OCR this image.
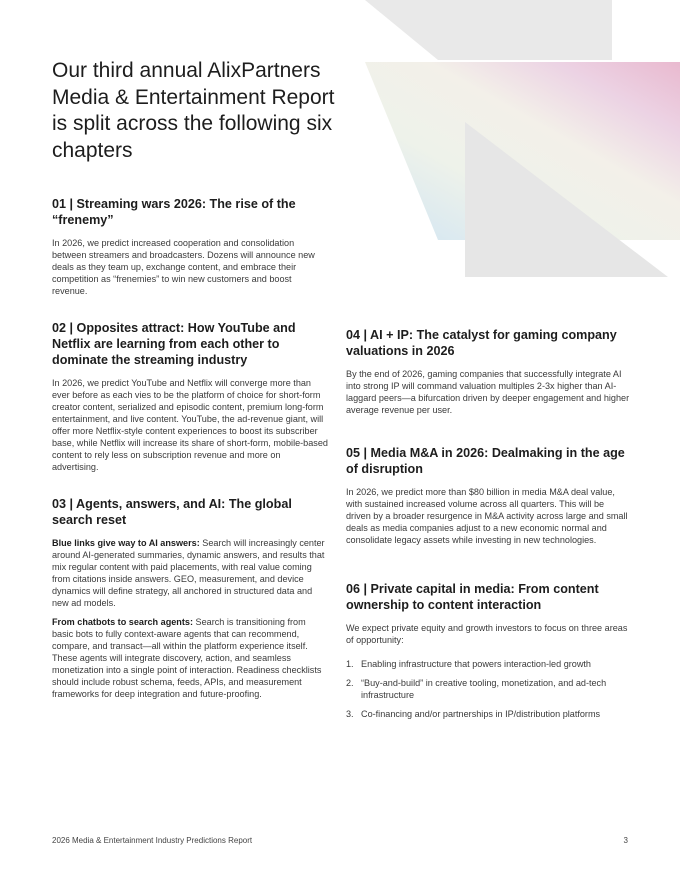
Our third annual AlixPartners Media & Entertainment Report is split across the following six chapters
01 | Streaming wars 2026: The rise of the “frenemy”

In 2026, we predict increased cooperation and consolidation between streamers and broadcasters. Dozens will announce new deals as they team up, exchange content, and embrace their competition as “frenemies” to win new customers and boost revenue.

02 | Opposites attract: How YouTube and Netflix are learning from each other to dominate the streaming industry

In 2026, we predict YouTube and Netflix will converge more than ever before as each vies to be the platform of choice for short-form creator content, serialized and episodic content, premium long-form entertainment, and live content. YouTube, the ad-revenue giant, will offer more Netflix-style content experiences to boost its subscriber base, while Netflix will increase its share of short-form, mobile-based content to rely less on subscription revenue and more on advertising.

03 | Agents, answers, and AI: The global search reset

Blue links give way to AI answers: Search will increasingly center around AI-generated summaries, dynamic answers, and results that mix regular content with paid placements, with real value coming from citations inside answers. GEO, measurement, and device dynamics will define strategy, all anchored in structured data and new ad models.

From chatbots to search agents: Search is transitioning from basic bots to fully context-aware agents that can recommend, compare, and transact—all within the platform experience itself. These agents will integrate discovery, action, and seamless monetization into a single point of interaction. Readiness checklists should include robust schema, feeds, APIs, and measurement frameworks for deep integration and future-proofing.

04 | AI + IP: The catalyst for gaming company valuations in 2026

By the end of 2026, gaming companies that successfully integrate AI into strong IP will command valuation multiples 2-3x higher than AI-laggard peers—a bifurcation driven by deeper engagement and higher average revenue per user.

05 | Media M&A in 2026: Dealmaking in the age of disruption

In 2026, we predict more than $80 billion in media M&A deal value, with sustained increased volume across all quarters. This will be driven by a broader resurgence in M&A activity across large and small deals as media companies adjust to a new economic normal and consolidate legacy assets while investing in new technologies.

06 | Private capital in media: From content ownership to content interaction

We expect private equity and growth investors to focus on three areas of opportunity:

1. Enabling infrastructure that powers interaction-led growth
2. “Buy-and-build” in creative tooling, monetization, and ad-tech infrastructure
3. Co-financing and/or partnerships in IP/distribution platforms
2026 Media & Entertainment Industry Predictions Report	3
